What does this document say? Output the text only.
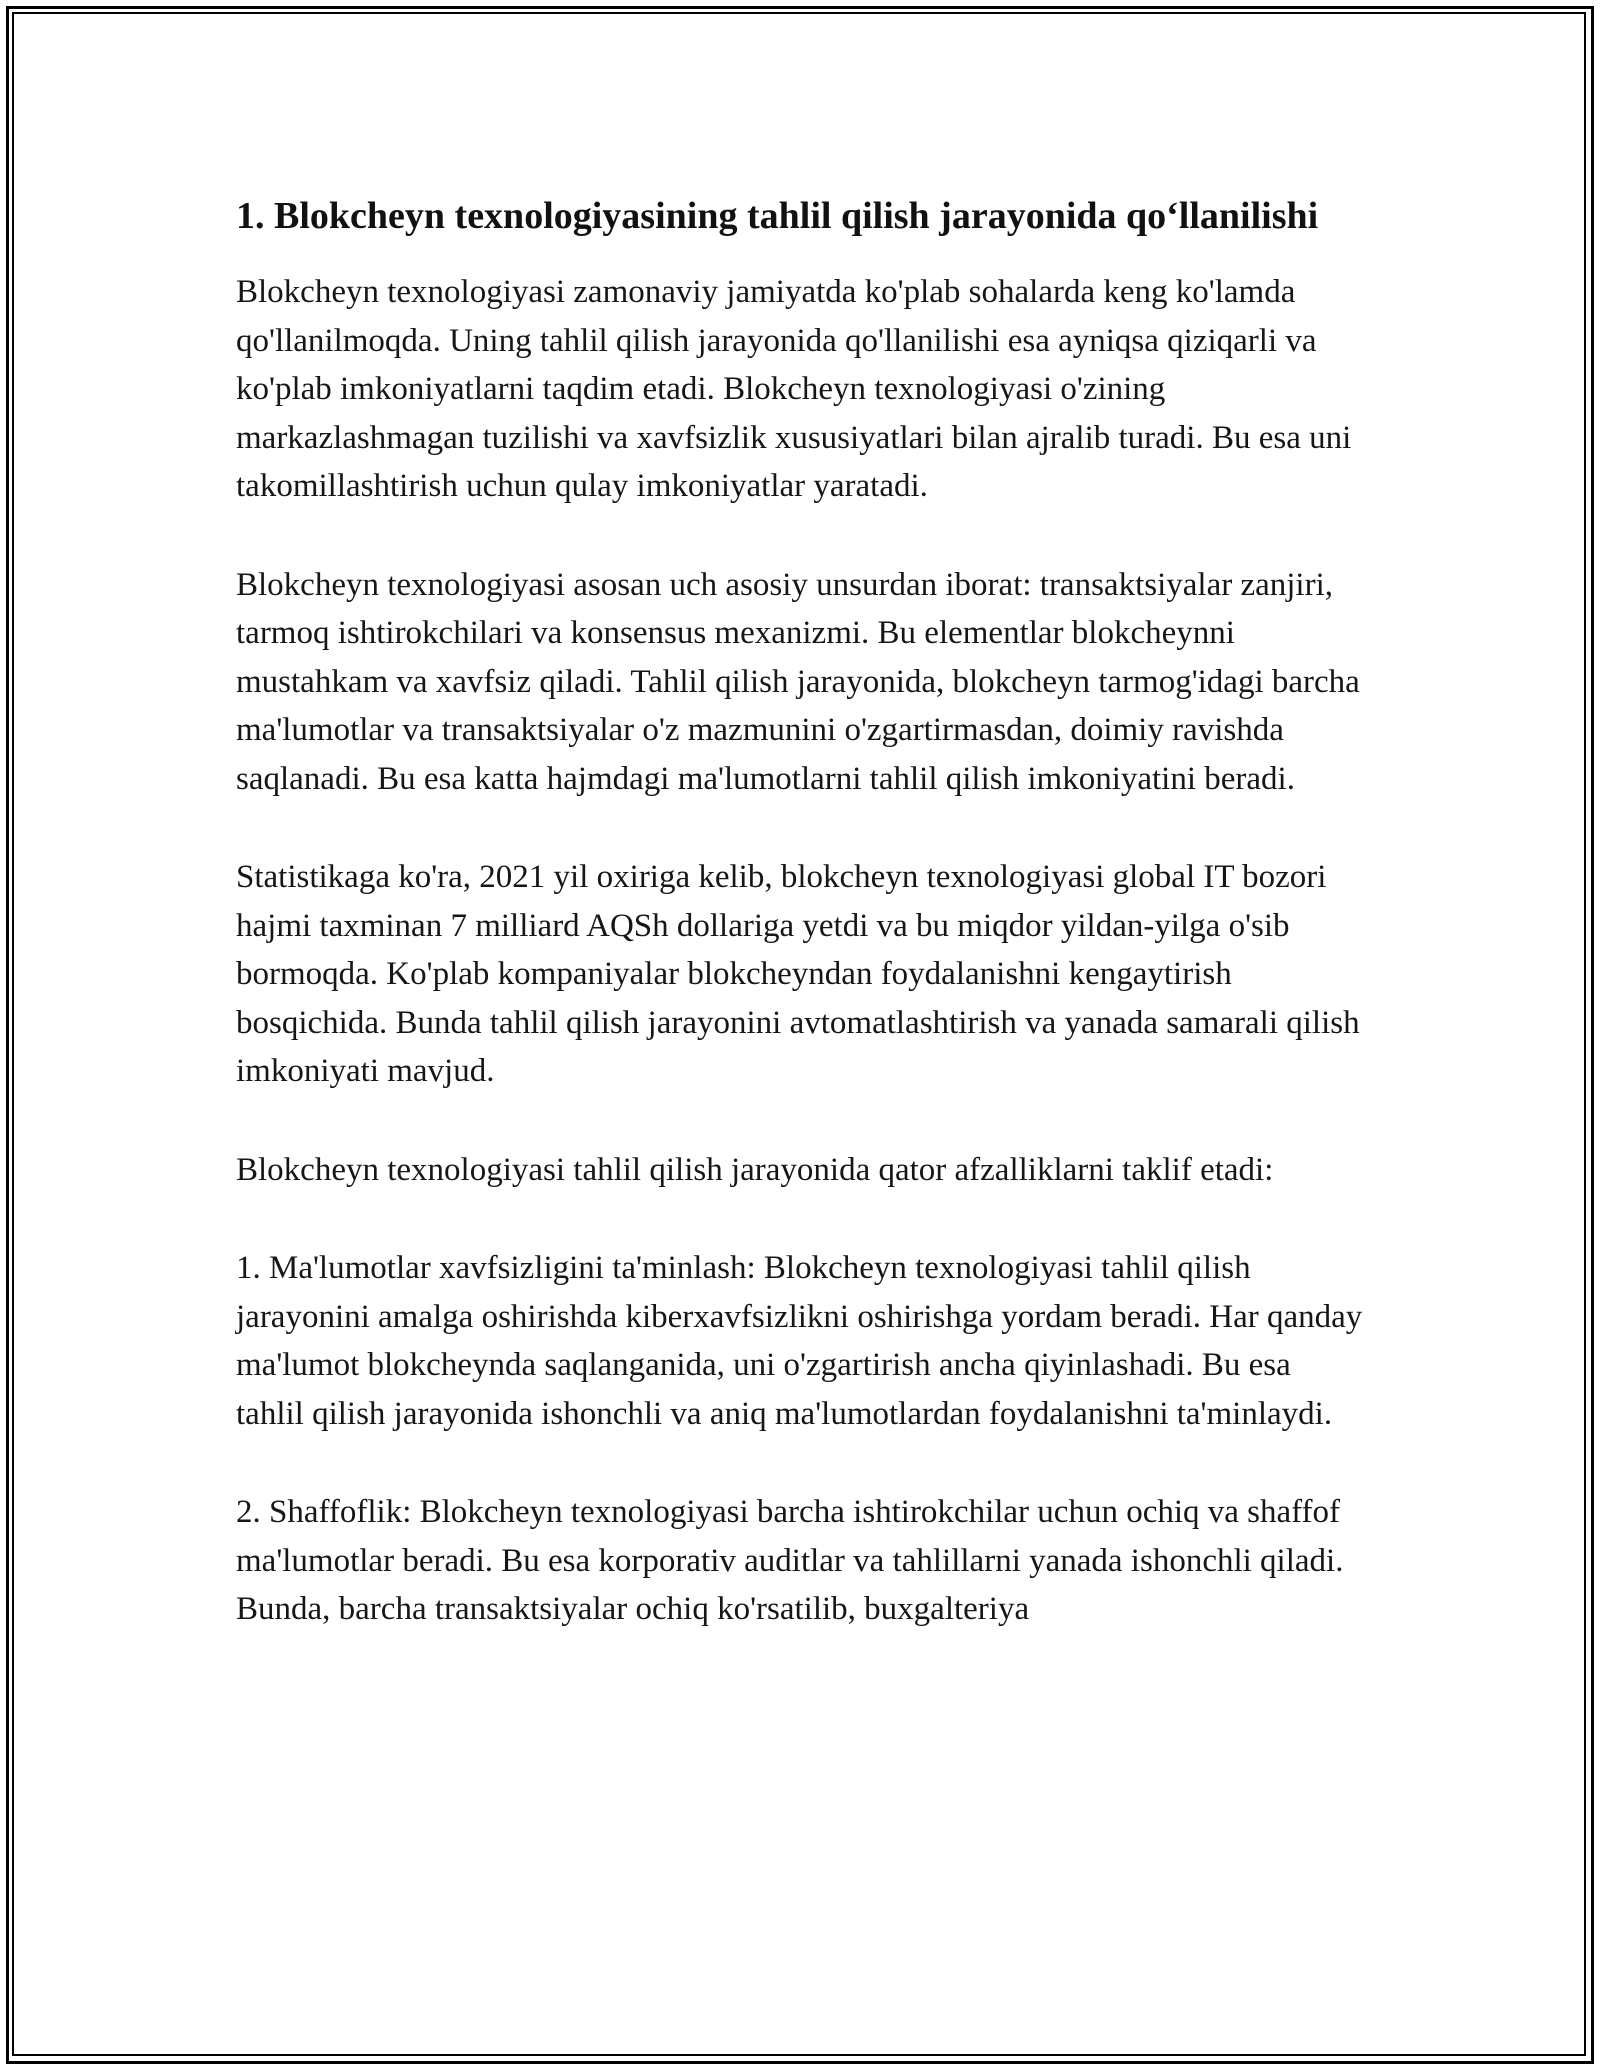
1. Blokcheyn texnologiyasining tahlil qilish jarayonida qo‘llanilishi

Blokcheyn texnologiyasi zamonaviy jamiyatda ko'plab sohalarda keng ko'lamda qo'llanilmoqda. Uning tahlil qilish jarayonida qo'llanilishi esa ayniqsa qiziqarli va ko'plab imkoniyatlarni taqdim etadi. Blokcheyn texnologiyasi o'zining markazlashmagan tuzilishi va xavfsizlik xususiyatlari bilan ajralib turadi. Bu esa uni takomillashtirish uchun qulay imkoniyatlar yaratadi.

Blokcheyn texnologiyasi asosan uch asosiy unsurdan iborat: transaktsiyalar zanjiri, tarmoq ishtirokchilari va konsensus mexanizmi. Bu elementlar blokcheynni mustahkam va xavfsiz qiladi. Tahlil qilish jarayonida, blokcheyn tarmog'idagi barcha ma'lumotlar va transaktsiyalar o'z mazmunini o'zgartirmasdan, doimiy ravishda saqlanadi. Bu esa katta hajmdagi ma'lumotlarni tahlil qilish imkoniyatini beradi.

Statistikaga ko'ra, 2021 yil oxiriga kelib, blokcheyn texnologiyasi global IT bozori hajmi taxminan 7 milliard AQSh dollariga yetdi va bu miqdor yildan-yilga o'sib bormoqda. Ko'plab kompaniyalar blokcheyndan foydalanishni kengaytirish bosqichida. Bunda tahlil qilish jarayonini avtomatlashtirish va yanada samarali qilish imkoniyati mavjud.

Blokcheyn texnologiyasi tahlil qilish jarayonida qator afzalliklarni taklif etadi:

1. Ma'lumotlar xavfsizligini ta'minlash: Blokcheyn texnologiyasi tahlil qilish jarayonini amalga oshirishda kiberxavfsizlikni oshirishga yordam beradi. Har qanday ma'lumot blokcheynda saqlanganida, uni o'zgartirish ancha qiyinlashadi. Bu esa tahlil qilish jarayonida ishonchli va aniq ma'lumotlardan foydalanishni ta'minlaydi.

2. Shaffoflik: Blokcheyn texnologiyasi barcha ishtirokchilar uchun ochiq va shaffof ma'lumotlar beradi. Bu esa korporativ auditlar va tahlillarni yanada ishonchli qiladi. Bunda, barcha transaktsiyalar ochiq ko'rsatilib, buxgalteriya
